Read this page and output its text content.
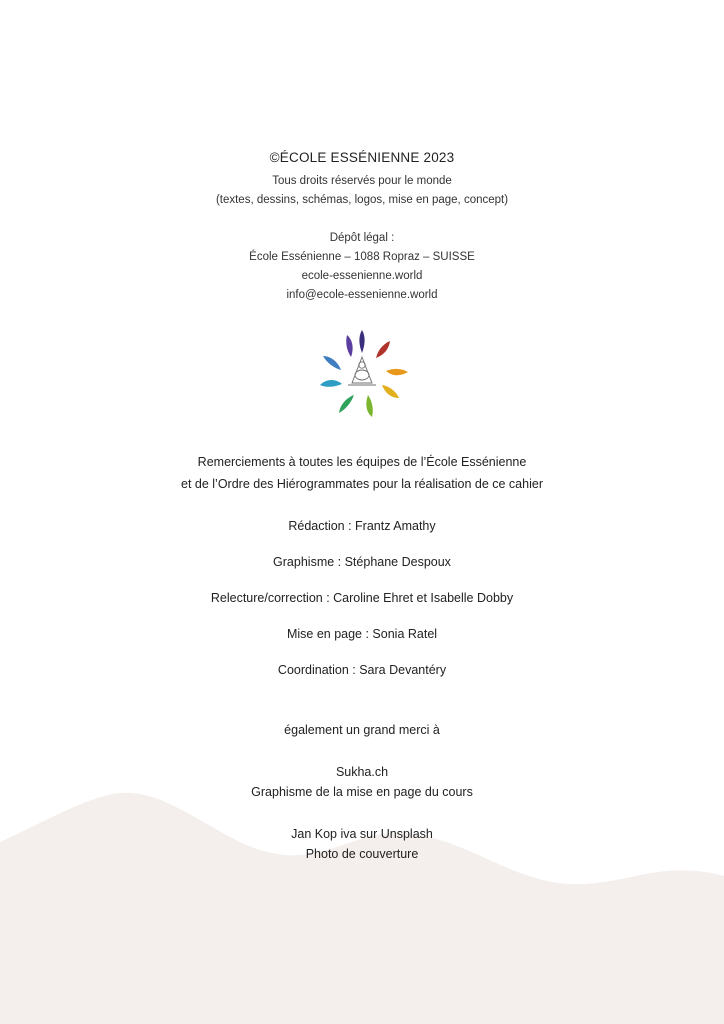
©ÉCOLE ESSÉNIENNE 2023
Tous droits réservés pour le monde
(textes, dessins, schémas, logos, mise en page, concept)
Dépôt légal :
École Essénienne – 1088 Ropraz – SUISSE
ecole-essenienne.world
info@ecole-essenienne.world
Remerciements à toutes les équipes de l’École Essénienne
et de l’Ordre des Hiérogrammates pour la réalisation de ce cahier
Rédaction : Frantz Amathy
Graphisme : Stéphane Despoux
Relecture/correction : Caroline Ehret et Isabelle Dobby
Mise en page : Sonia Ratel
Coordination : Sara Devantéry
également un grand merci à
Sukha.ch
Graphisme de la mise en page du cours
Jan Kop iva sur Unsplash
Photo de couverture
